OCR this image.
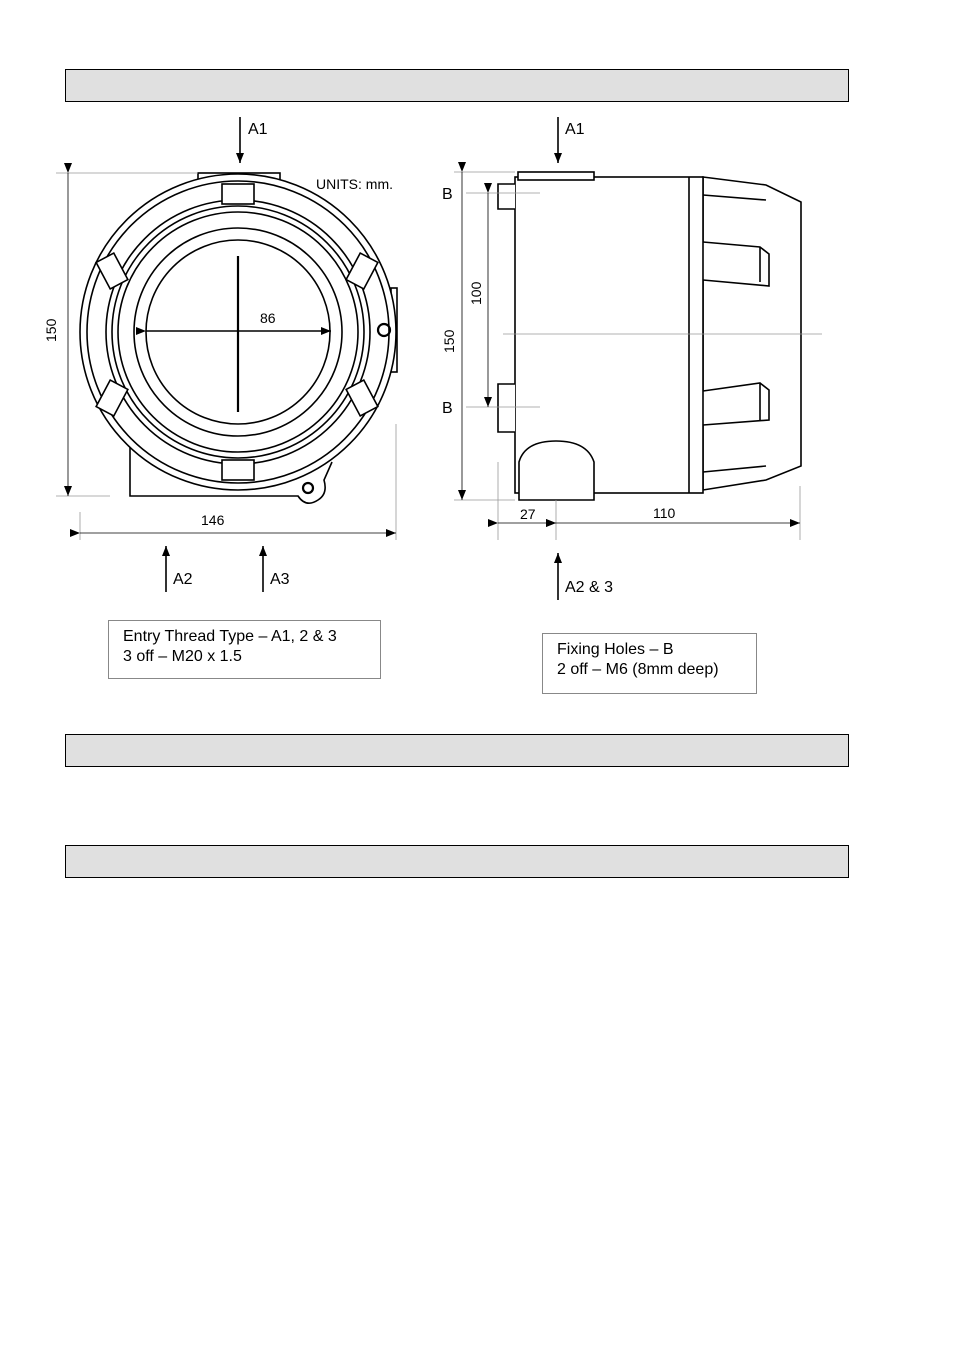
A1
UNITS: mm.
150
86
146
A2	A3
A1
B
B
100
150
27	110
A2 & 3
Entry Thread Type – A1, 2 & 3
3 off – M20 x 1.5	Fixing Holes – B
2 off – M6 (8mm deep)
